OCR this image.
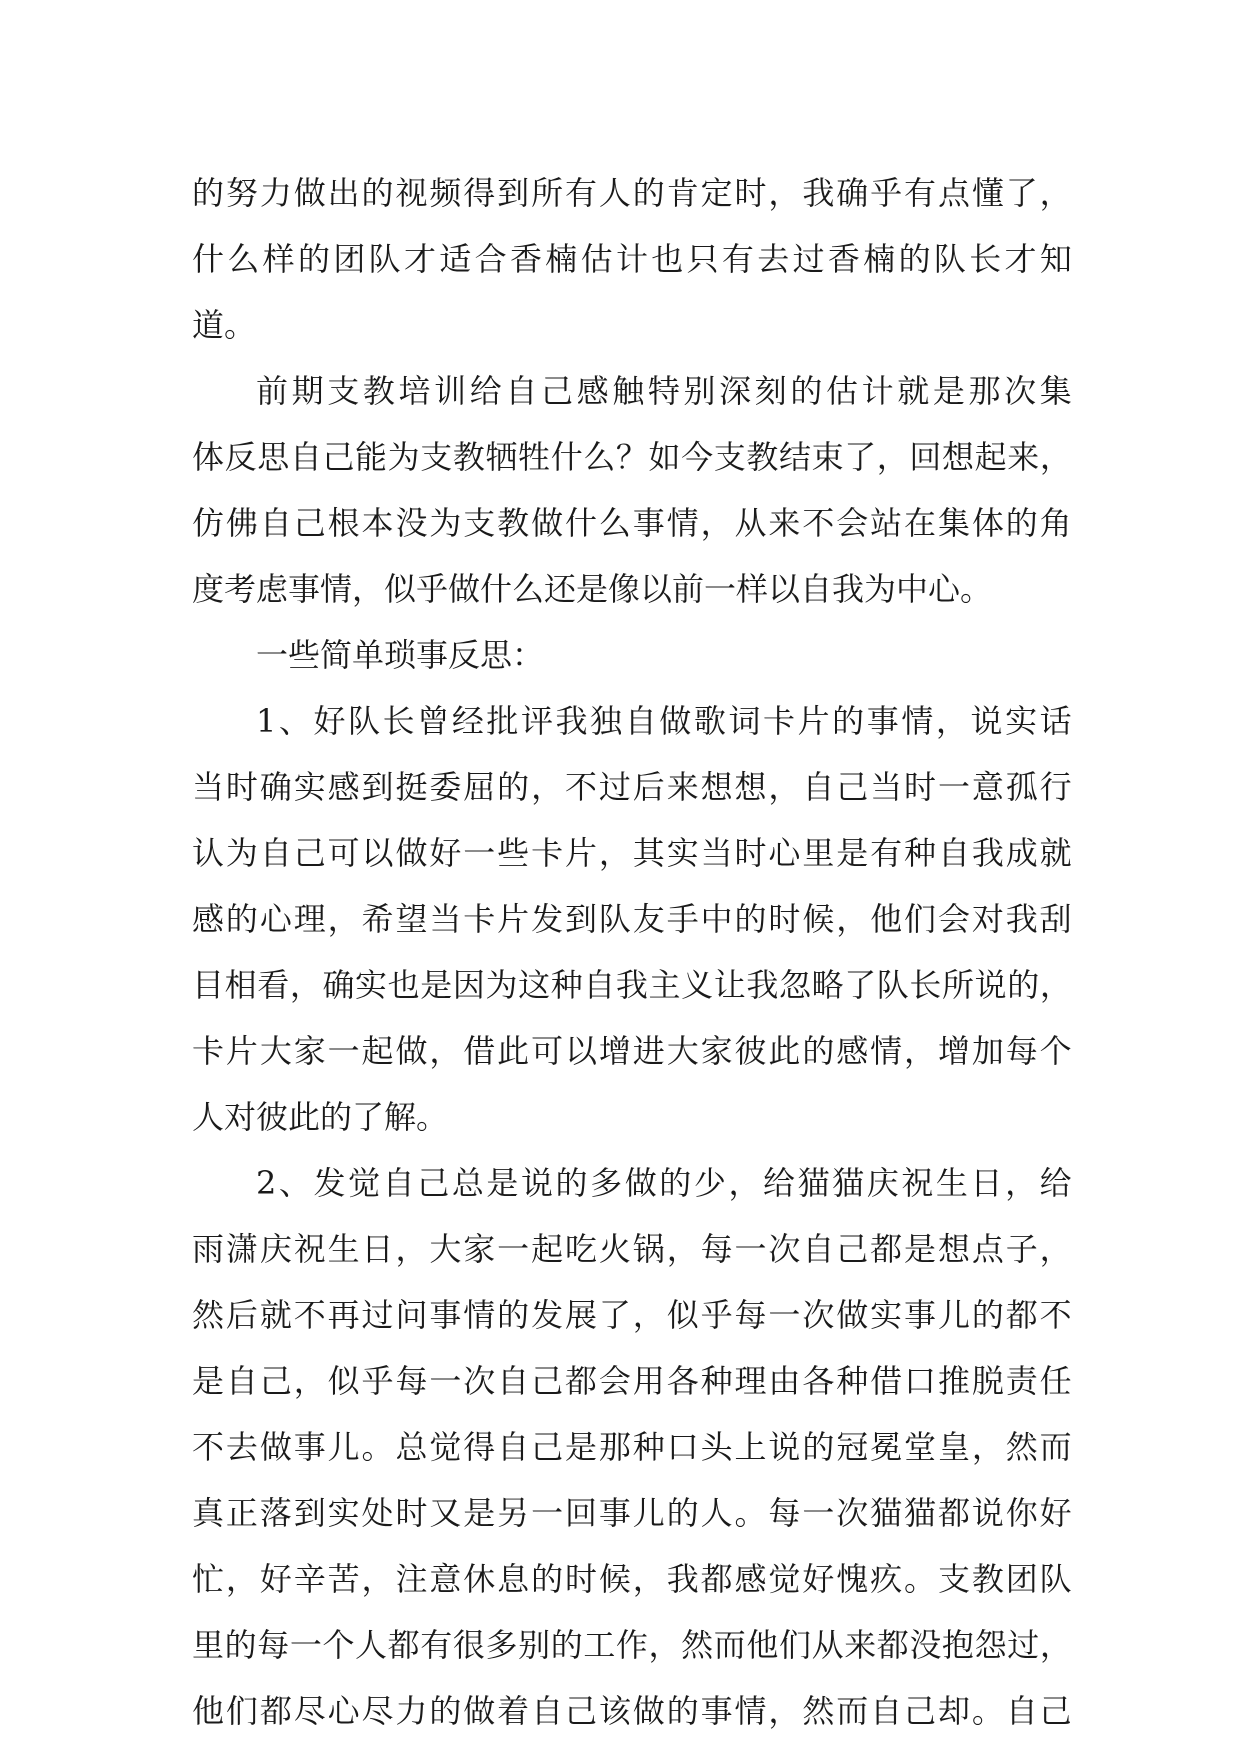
的 努 力 做 出 的 视 频 得 到 所 有 人 的 肯 定 时 ， 我 确 乎 有 点 懂 了 ，
什 么 样 的 团 队 才 适 合 香 楠 估 计 也 只 有 去 过 香 楠 的 队 长 才 知
道。
前 期 支 教 培 训 给 自 己 感 触 特 别 深 刻 的 估 计 就 是 那 次 集
体 反 思 自 己 能 为 支 教 牺 牲 什 么 ？ 如 今 支 教 结 束 了 ， 回 想 起 来 ，
仿 佛 自 己 根 本 没 为 支 教 做 什 么 事 情 ， 从 来 不 会 站 在 集 体 的 角
度考虑事情，似乎做什么还是像以前一样以自我为中心。
一些简单琐事反思：
1 、 好 队 长 曾 经 批 评 我 独 自 做 歌 词 卡 片 的 事 情 ， 说 实 话
当 时 确 实 感 到 挺 委 屈 的 ， 不 过 后 来 想 想 ， 自 己 当 时 一 意 孤 行
认 为 自 己 可 以 做 好 一 些 卡 片 ， 其 实 当 时 心 里 是 有 种 自 我 成 就
感 的 心 理 ， 希 望 当 卡 片 发 到 队 友 手 中 的 时 候 ， 他 们 会 对 我 刮
目 相 看 ， 确 实 也 是 因 为 这 种 自 我 主 义 让 我 忽 略 了 队 长 所 说 的 ，
卡 片 大 家 一 起 做 ， 借 此 可 以 增 进 大 家 彼 此 的 感 情 ， 增 加 每 个
人对彼此的了解。
2 、 发 觉 自 己 总 是 说 的 多 做 的 少 ， 给 猫 猫 庆 祝 生 日 ， 给
雨 潇 庆 祝 生 日 ， 大 家 一 起 吃 火 锅 ， 每 一 次 自 己 都 是 想 点 子 ，
然 后 就 不 再 过 问 事 情 的 发 展 了 ， 似 乎 每 一 次 做 实 事 儿 的 都 不
是 自 己 ， 似 乎 每 一 次 自 己 都 会 用 各 种 理 由 各 种 借 口 推 脱 责 任
不 去 做 事 儿 。 总 觉 得 自 己 是 那 种 口 头 上 说 的 冠 冕 堂 皇 ， 然 而
真 正 落 到 实 处 时 又 是 另 一 回 事 儿 的 人 。 每 一 次 猫 猫 都 说 你 好
忙 ， 好 辛 苦 ， 注 意 休 息 的 时 候 ， 我 都 感 觉 好 愧 疚 。 支 教 团 队
里 的 每 一 个 人 都 有 很 多 别 的 工 作 ， 然 而 他 们 从 来 都 没 抱 怨 过 ，
他 们 都 尽 心 尽 力 的 做 着 自 己 该 做 的 事 情 ， 然 而 自 己 却 。 自 己
